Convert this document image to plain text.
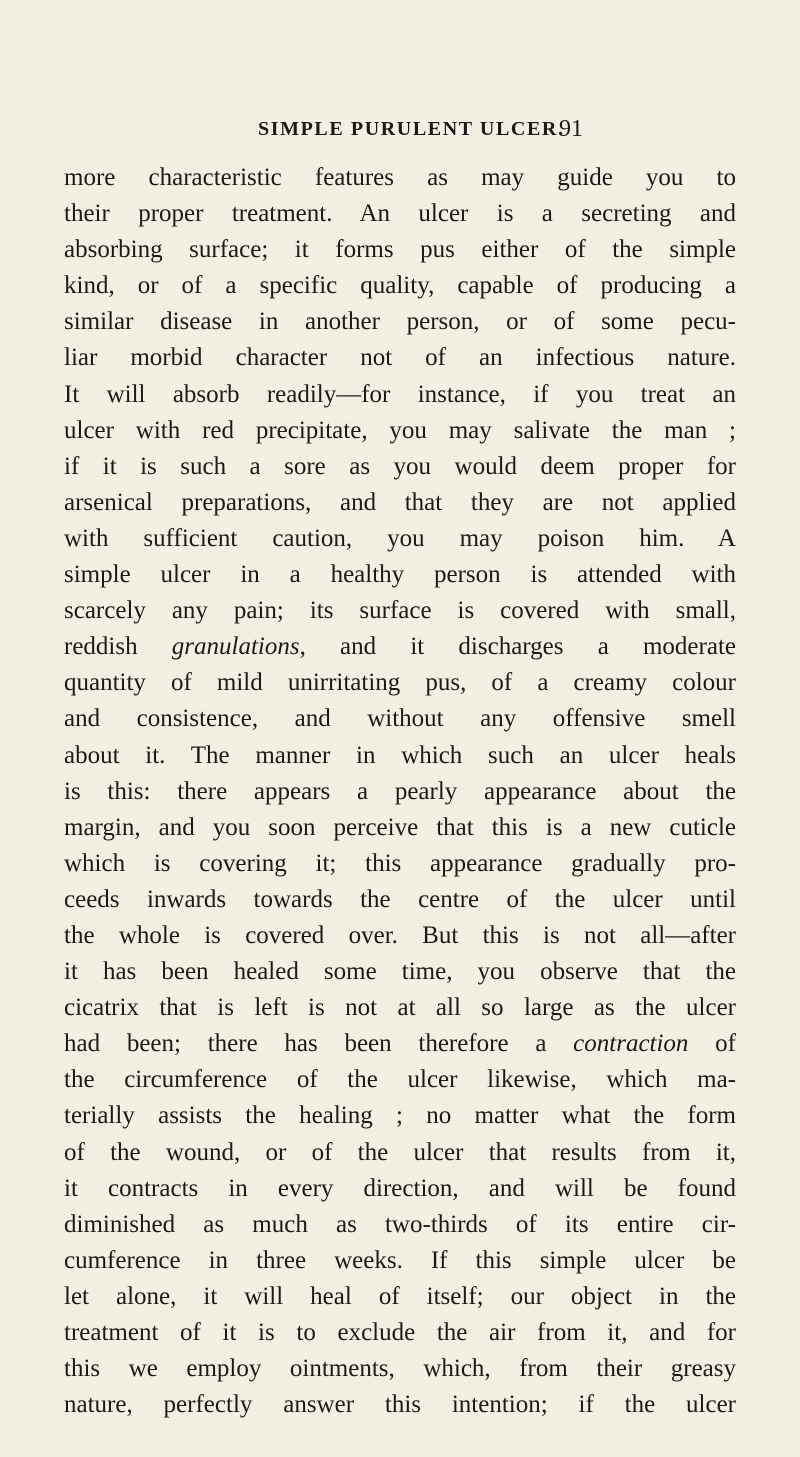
SIMPLE PURULENT ULCER.
91
more characteristic features as may guide you to
their proper treatment. An ulcer is a secreting and
absorbing surface; it forms pus either of the simple
kind, or of a specific quality, capable of producing a
similar disease in another person, or of some pecu-
liar morbid character not of an infectious nature.
It will absorb readily—for instance, if you treat an
ulcer with red precipitate, you may salivate the man ;
if it is such a sore as you would deem proper for
arsenical preparations, and that they are not applied
with sufficient caution, you may poison him. A
simple ulcer in a healthy person is attended with
scarcely any pain; its surface is covered with small,
reddish granulations, and it discharges a moderate
quantity of mild unirritating pus, of a creamy colour
and consistence, and without any offensive smell
about it. The manner in which such an ulcer heals
is this: there appears a pearly appearance about the
margin, and you soon perceive that this is a new cuticle
which is covering it; this appearance gradually pro-
ceeds inwards towards the centre of the ulcer until
the whole is covered over. But this is not all—after
it has been healed some time, you observe that the
cicatrix that is left is not at all so large as the ulcer
had been; there has been therefore a contraction of
the circumference of the ulcer likewise, which ma-
terially assists the healing ; no matter what the form
of the wound, or of the ulcer that results from it,
it contracts in every direction, and will be found
diminished as much as two-thirds of its entire cir-
cumference in three weeks. If this simple ulcer be
let alone, it will heal of itself; our object in the
treatment of it is to exclude the air from it, and for
this we employ ointments, which, from their greasy
nature, perfectly answer this intention; if the ulcer
